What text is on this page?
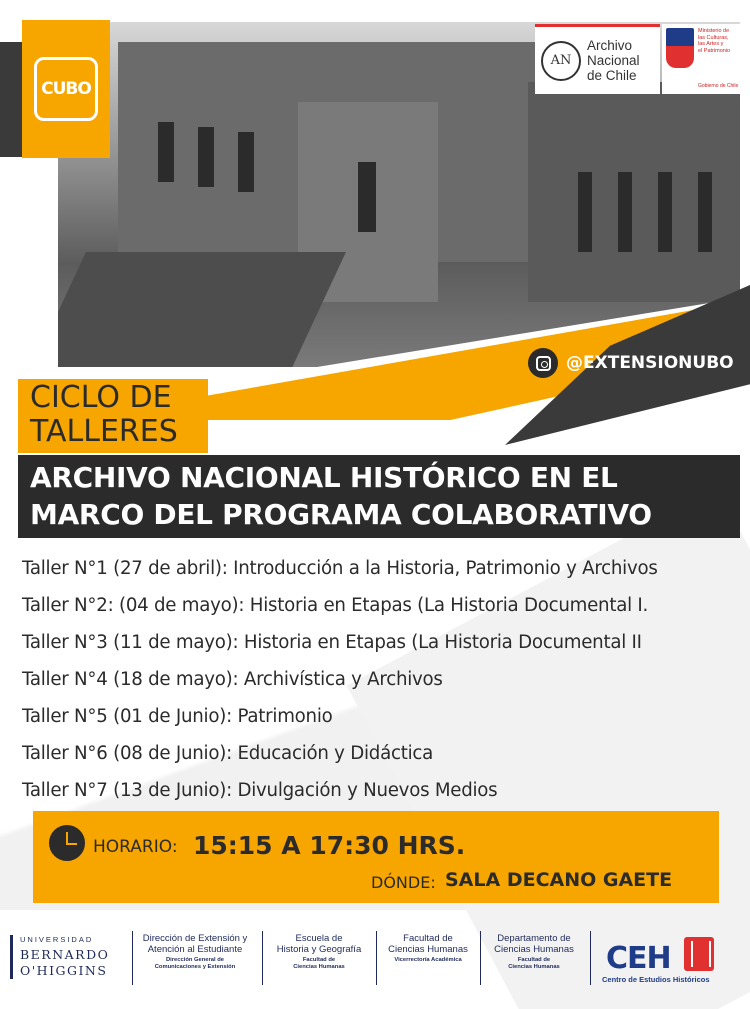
CUBO
AN
Archivo
Nacional
de Chile
Ministerio de
las Culturas,
las Artes y
el Patrimonio
Gobierno de Chile
@EXTENSIONUBO
CICLO DE
TALLERES
ARCHIVO NACIONAL HISTÓRICO EN EL
MARCO DEL PROGRAMA COLABORATIVO
Taller N°1 (27 de abril): Introducción a la Historia, Patrimonio y Archivos
Taller N°2: (04 de mayo): Historia en Etapas (La Historia Documental I.
Taller N°3 (11 de mayo): Historia en Etapas (La Historia Documental II
Taller N°4 (18 de mayo): Archivística y Archivos
Taller N°5 (01 de Junio): Patrimonio
Taller N°6 (08 de Junio): Educación y Didáctica
Taller N°7 (13 de Junio): Divulgación y Nuevos Medios
HORARIO: 15:15 A 17:30 HRS.
DÓNDE: SALA DECANO GAETE
UNIVERSIDAD
BERNARDO
O'HIGGINS
Dirección de Extensión y
Atención al Estudiante
Dirección General de
Comunicaciones y Extensión
Escuela de
Historia y Geografía
Facultad de
Ciencias Humanas
Facultad de
Ciencias Humanas
Vicerrectoría Académica
Departamento de
Ciencias Humanas
Facultad de
Ciencias Humanas	CEH
Centro de Estudios Históricos
